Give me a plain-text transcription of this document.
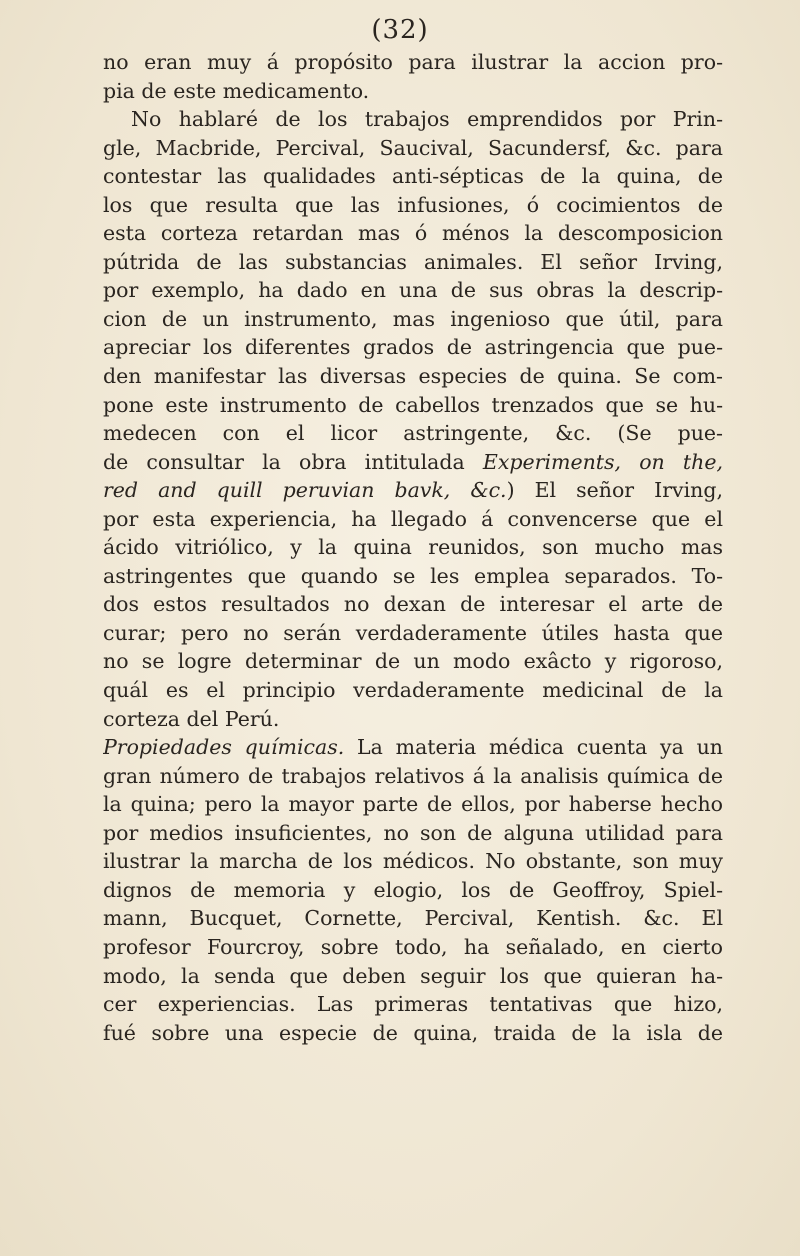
(32)
no eran muy á propósito para ilustrar la accion pro-
pia de este medicamento.
No hablaré de los trabajos emprendidos por Prin-
gle, Macbride, Percival, Saucival, Sacundersf, &c. para
contestar las qualidades anti-sépticas de la quina, de
los que resulta que las infusiones, ó cocimientos de
esta corteza retardan mas ó ménos la descomposicion
pútrida de las substancias animales. El señor Irving,
por exemplo, ha dado en una de sus obras la descrip-
cion de un instrumento, mas ingenioso que útil, para
apreciar los diferentes grados de astringencia que pue-
den manifestar las diversas especies de quina. Se com-
pone este instrumento de cabellos trenzados que se hu-
medecen con el licor astringente, &c. (Se pue-
de consultar la obra intitulada Experiments, on the,
red and quill peruvian bavk, &c.) El señor Irving,
por esta experiencia, ha llegado á convencerse que el
ácido vitriólico, y la quina reunidos, son mucho mas
astringentes que quando se les emplea separados. To-
dos estos resultados no dexan de interesar el arte de
curar; pero no serán verdaderamente útiles hasta que
no se logre determinar de un modo exâcto y rigoroso,
quál es el principio verdaderamente medicinal de la
corteza del Perú.
Propiedades químicas. La materia médica cuenta ya un
gran número de trabajos relativos á la analisis química de
la quina; pero la mayor parte de ellos, por haberse hecho
por medios insuficientes, no son de alguna utilidad para
ilustrar la marcha de los médicos. No obstante, son muy
dignos de memoria y elogio, los de Geoffroy, Spiel-
mann, Bucquet, Cornette, Percival, Kentish. &c. El
profesor Fourcroy, sobre todo, ha señalado, en cierto
modo, la senda que deben seguir los que quieran ha-
cer experiencias. Las primeras tentativas que hizo,
fué sobre una especie de quina, traida de la isla de
